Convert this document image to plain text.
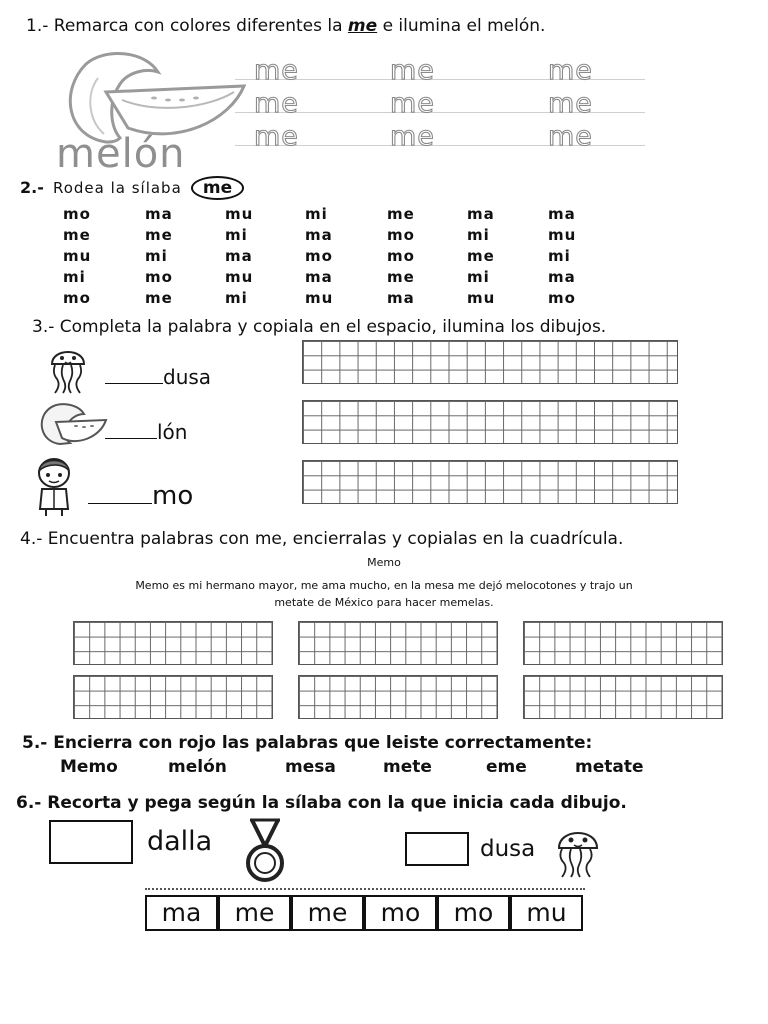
1.- Remarca con colores diferentes la me e ilumina el melón.
me	me	me
me	me	me
me	me	me
melón
2.- Rodea la sílaba me
mo	ma	mu	mi	me	ma	ma
me	me	mi	ma	mo	mi	mu
mu	mi	ma	mo	mo	me	mi
mi	mo	mu	ma	me	mi	ma
mo	me	mi	mu	ma	mu	mo
3.- Completa la palabra y copiala en el espacio, ilumina los dibujos.
dusa
lón
mo
4.- Encuentra palabras con me, encierralas y copialas en la cuadrícula.
Memo
Memo es mi hermano mayor, me ama mucho, en la mesa me dejó melocotones y trajo un
metate de México para hacer memelas.
5.- Encierra con rojo las palabras que leiste correctamente:
Memo	melón	mesa	mete	eme	metate
6.- Recorta y pega según la sílaba con la que inicia cada dibujo.
dalla	dusa
ma	me	me	mo	mo	mu
